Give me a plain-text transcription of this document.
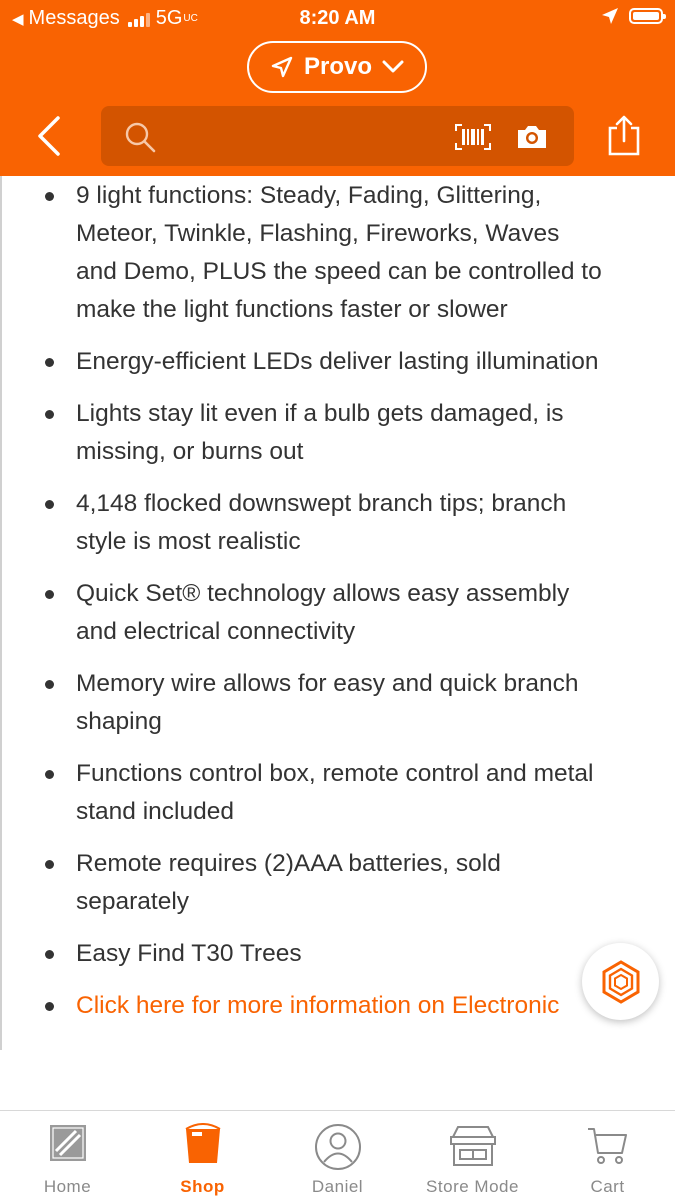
◀ Messages 5G UC	8:20 AM
Provo
9 light functions: Steady, Fading, Glittering, Meteor, Twinkle, Flashing, Fireworks, Waves and Demo, PLUS the speed can be controlled to make the light functions faster or slower
Energy-efficient LEDs deliver lasting illumination
Lights stay lit even if a bulb gets damaged, is missing, or burns out
4,148 flocked downswept branch tips; branch style is most realistic
Quick Set® technology allows easy assembly and electrical connectivity
Memory wire allows for easy and quick branch shaping
Functions control box, remote control and metal stand included
Remote requires (2)AAA batteries, sold separately
Easy Find T30 Trees
Click here for more information on Electronic
Home	Shop	Daniel	Store Mode	Cart
